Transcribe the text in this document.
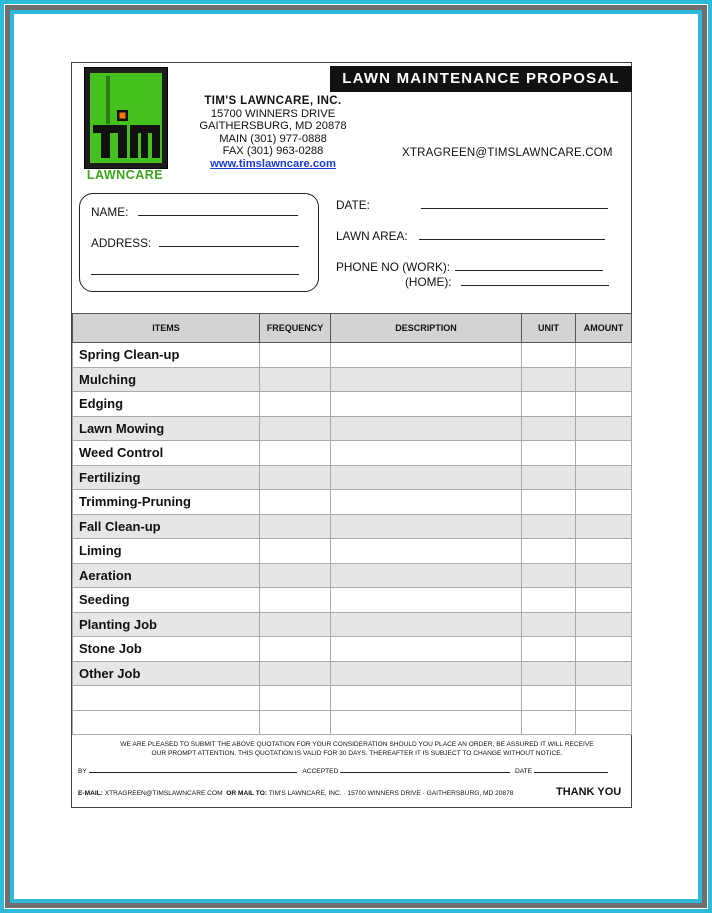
LAWNCARE
TIM'S LAWNCARE, INC.
15700 WINNERS DRIVE
GAITHERSBURG, MD 20878
MAIN (301) 977-0888
FAX (301) 963-0288
www.timslawncare.com
LAWN MAINTENANCE PROPOSAL
XTRAGREEN@TIMSLAWNCARE.COM
NAME:
ADDRESS:
DATE:
LAWN AREA:
PHONE NO (WORK):
(HOME):
ITEMS	FREQUENCY	DESCRIPTION	UNIT	AMOUNT
Spring Clean-up				
Mulching				
Edging				
Lawn Mowing				
Weed Control				
Fertilizing				
Trimming-Pruning				
Fall Clean-up				
Liming				
Aeration				
Seeding				
Planting Job				
Stone Job				
Other Job				

WE ARE PLEASED TO SUBMIT THE ABOVE QUOTATION FOR YOUR CONSIDERATION SHOULD YOU PLACE AN ORDER, BE ASSURED IT WILL RECEIVE
OUR PROMPT ATTENTION. THIS QUOTATION IS VALID FOR 30 DAYS. THEREAFTER IT IS SUBJECT TO CHANGE WITHOUT NOTICE.
BY	ACCEPTED	DATE
E-MAIL: XTRAGREEN@TIMSLAWNCARE.COM OR MAIL TO: TIM'S LAWNCARE, INC. · 15700 WINNERS DRIVE · GAITHERSBURG, MD 20878	THANK YOU
